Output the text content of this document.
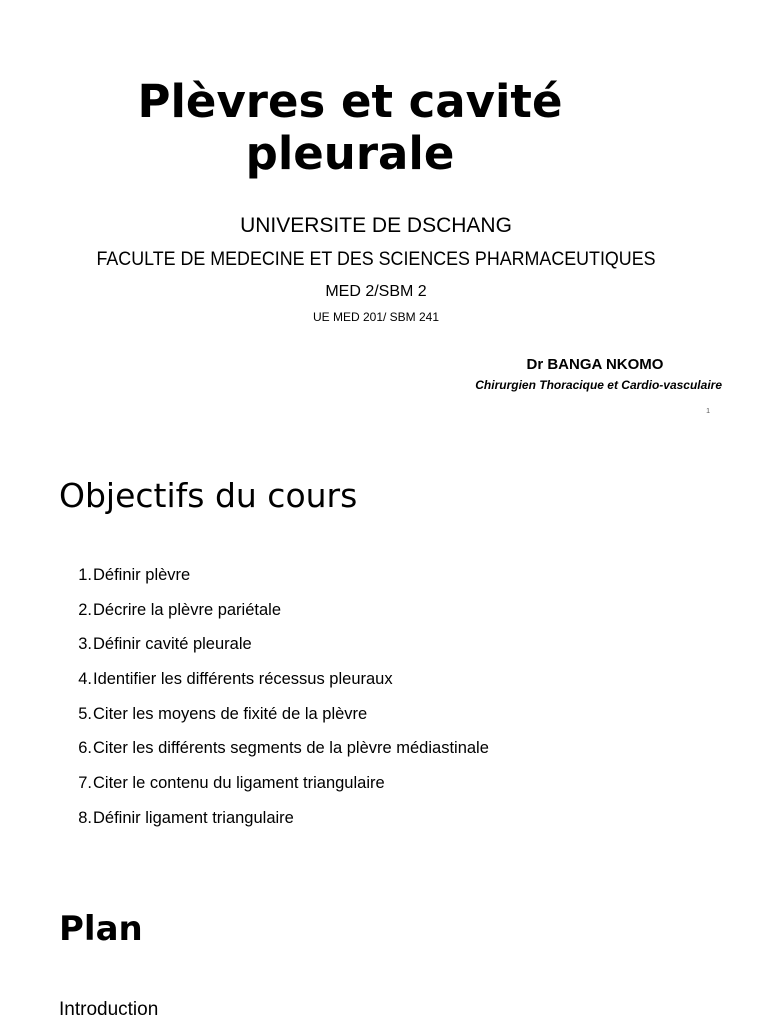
Plèvres et cavité
pleurale

UNIVERSITE DE DSCHANG

FACULTE DE MEDECINE ET DES SCIENCES PHARMACEUTIQUES

MED 2/SBM 2

UE MED 201/ SBM 241

Dr BANGA NKOMO

Chirurgien Thoracique et Cardio-vasculaire

1
Objectifs du cours
1. Définir plèvre
2. Décrire la plèvre pariétale
3. Définir cavité pleurale
4. Identifier les différents récessus pleuraux
5. Citer les moyens de fixité de la plèvre
6. Citer les différents segments de la plèvre médiastinale
7. Citer le contenu du ligament triangulaire
8. Définir ligament triangulaire
Plan

Introduction
